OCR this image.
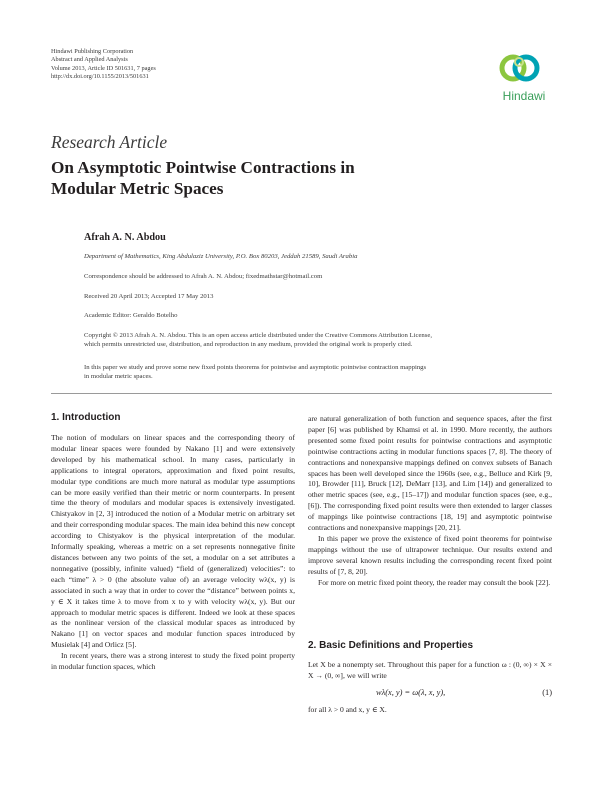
Hindawi Publishing Corporation
Abstract and Applied Analysis
Volume 2013, Article ID 501631, 7 pages
http://dx.doi.org/10.1155/2013/501631
Hindawi
Research Article
On Asymptotic Pointwise Contractions in
Modular Metric Spaces
Afrah A. N. Abdou
Department of Mathematics, King Abdulaziz University, P.O. Box 80203, Jeddah 21589, Saudi Arabia
Correspondence should be addressed to Afrah A. N. Abdou; fixedmathstar@hotmail.com
Received 20 April 2013; Accepted 17 May 2013
Academic Editor: Geraldo Botelho
Copyright © 2013 Afrah A. N. Abdou. This is an open access article distributed under the Creative Commons Attribution License,
which permits unrestricted use, distribution, and reproduction in any medium, provided the original work is properly cited.
In this paper we study and prove some new fixed points theorems for pointwise and asymptotic pointwise contraction mappings
in modular metric spaces.
1. Introduction

The notion of modulars on linear spaces and the corresponding theory of modular linear spaces were founded by Nakano [1] and were extensively developed by his mathematical school. In many cases, particularly in applications to integral operators, approximation and fixed point results, modular type conditions are much more natural as modular type assumptions can be more easily verified than their metric or norm counterparts. In present time the theory of modulars and modular spaces is extensively investigated. Chistyakov in [2, 3] introduced the notion of a Modular metric on arbitrary set and their corresponding modular spaces. The main idea behind this new concept according to Chistyakov is the physical interpretation of the modular. Informally speaking, whereas a metric on a set represents nonnegative finite distances between any two points of the set, a modular on a set attributes a nonnegative (possibly, infinite valued) “field of (generalized) velocities”: to each “time” λ > 0 (the absolute value of) an average velocity wλ(x, y) is associated in such a way that in order to cover the “distance” between points x, y ∈ X it takes time λ to move from x to y with velocity wλ(x, y). But our approach to modular metric spaces is different. Indeed we look at these spaces as the nonlinear version of the classical modular spaces as introduced by Nakano [1] on vector spaces and modular function spaces introduced by Musielak [4] and Orlicz [5].

In recent years, there was a strong interest to study the fixed point property in modular function spaces, which

are natural generalization of both function and sequence spaces, after the first paper [6] was published by Khamsi et al. in 1990. More recently, the authors presented some fixed point results for pointwise contractions and asymptotic pointwise contractions acting in modular functions spaces [7, 8]. The theory of contractions and nonexpansive mappings defined on convex subsets of Banach spaces has been well developed since the 1960s (see, e.g., Belluce and Kirk [9, 10], Browder [11], Bruck [12], DeMarr [13], and Lim [14]) and generalized to other metric spaces (see, e.g., [15–17]) and modular function spaces (see, e.g., [6]). The corresponding fixed point results were then extended to larger classes of mappings like pointwise contractions [18, 19] and asymptotic pointwise contractions and nonexpansive mappings [20, 21].

In this paper we prove the existence of fixed point theorems for pointwise mappings without the use of ultrapower technique. Our results extend and improve several known results including the corresponding recent fixed point results of [7, 8, 20].

For more on metric fixed point theory, the reader may consult the book [22].

2. Basic Definitions and Properties
Let X be a nonempty set. Throughout this paper for a function ω : (0, ∞) × X × X → (0, ∞], we will write
wλ(x, y) = ω(λ, x, y),	(1)
for all λ > 0 and x, y ∈ X.
